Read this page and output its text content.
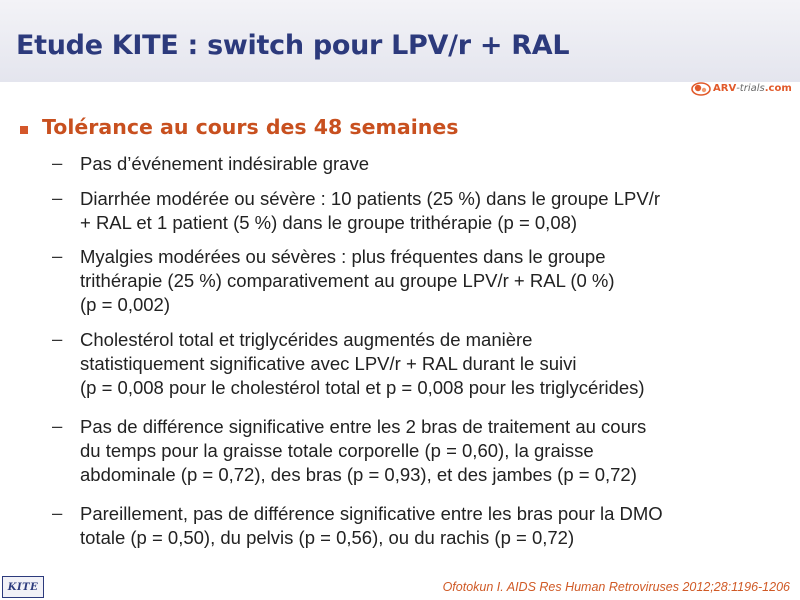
Etude KITE : switch pour LPV/r + RAL
ARV-trials.com
Tolérance au cours des 48 semaines
– Pas d’événement indésirable grave
– Diarrhée modérée ou sévère : 10 patients (25 %) dans le groupe LPV/r
+ RAL et 1 patient (5 %) dans le groupe trithérapie (p = 0,08)
– Myalgies modérées ou sévères : plus fréquentes dans le groupe
trithérapie (25 %) comparativement au groupe LPV/r + RAL (0 %)
(p = 0,002)
– Cholestérol total et triglycérides augmentés de manière
statistiquement significative avec LPV/r + RAL durant le suivi
(p = 0,008 pour le cholestérol total et p = 0,008 pour les triglycérides)
– Pas de différence significative entre les 2 bras de traitement au cours
du temps pour la graisse totale corporelle (p = 0,60), la graisse
abdominale (p = 0,72), des bras (p = 0,93), et des jambes (p = 0,72)
– Pareillement, pas de différence significative entre les bras pour la DMO
totale (p = 0,50), du pelvis (p = 0,56), ou du rachis (p = 0,72)
KITE	Ofotokun I. AIDS Res Human Retroviruses 2012;28:1196-1206
